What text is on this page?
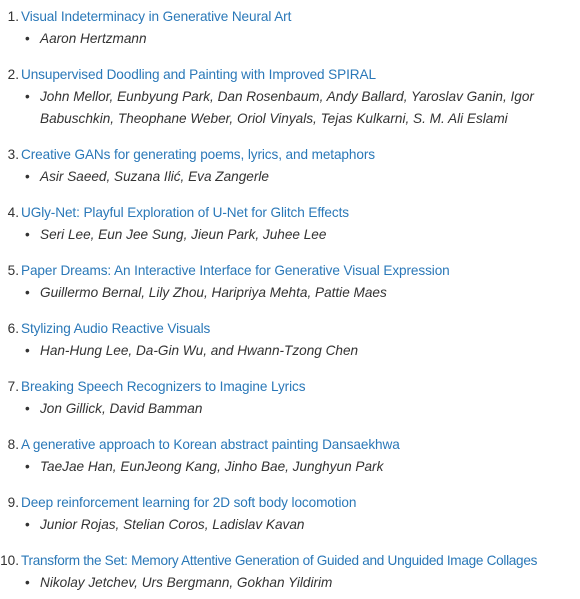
1. Visual Indeterminacy in Generative Neural Art
• Aaron Hertzmann
2. Unsupervised Doodling and Painting with Improved SPIRAL
• John Mellor, Eunbyung Park, Dan Rosenbaum, Andy Ballard, Yaroslav Ganin, Igor Babuschkin, Theophane Weber, Oriol Vinyals, Tejas Kulkarni, S. M. Ali Eslami
3. Creative GANs for generating poems, lyrics, and metaphors
• Asir Saeed, Suzana Ilić, Eva Zangerle
4. UGly-Net: Playful Exploration of U-Net for Glitch Effects
• Seri Lee, Eun Jee Sung, Jieun Park, Juhee Lee
5. Paper Dreams: An Interactive Interface for Generative Visual Expression
• Guillermo Bernal, Lily Zhou, Haripriya Mehta, Pattie Maes
6. Stylizing Audio Reactive Visuals
• Han-Hung Lee, Da-Gin Wu, and Hwann-Tzong Chen
7. Breaking Speech Recognizers to Imagine Lyrics
• Jon Gillick, David Bamman
8. A generative approach to Korean abstract painting Dansaekhwa
• TaeJae Han, EunJeong Kang, Jinho Bae, Junghyun Park
9. Deep reinforcement learning for 2D soft body locomotion
• Junior Rojas, Stelian Coros, Ladislav Kavan
10. Transform the Set: Memory Attentive Generation of Guided and Unguided Image Collages
• Nikolay Jetchev, Urs Bergmann, Gokhan Yildirim
